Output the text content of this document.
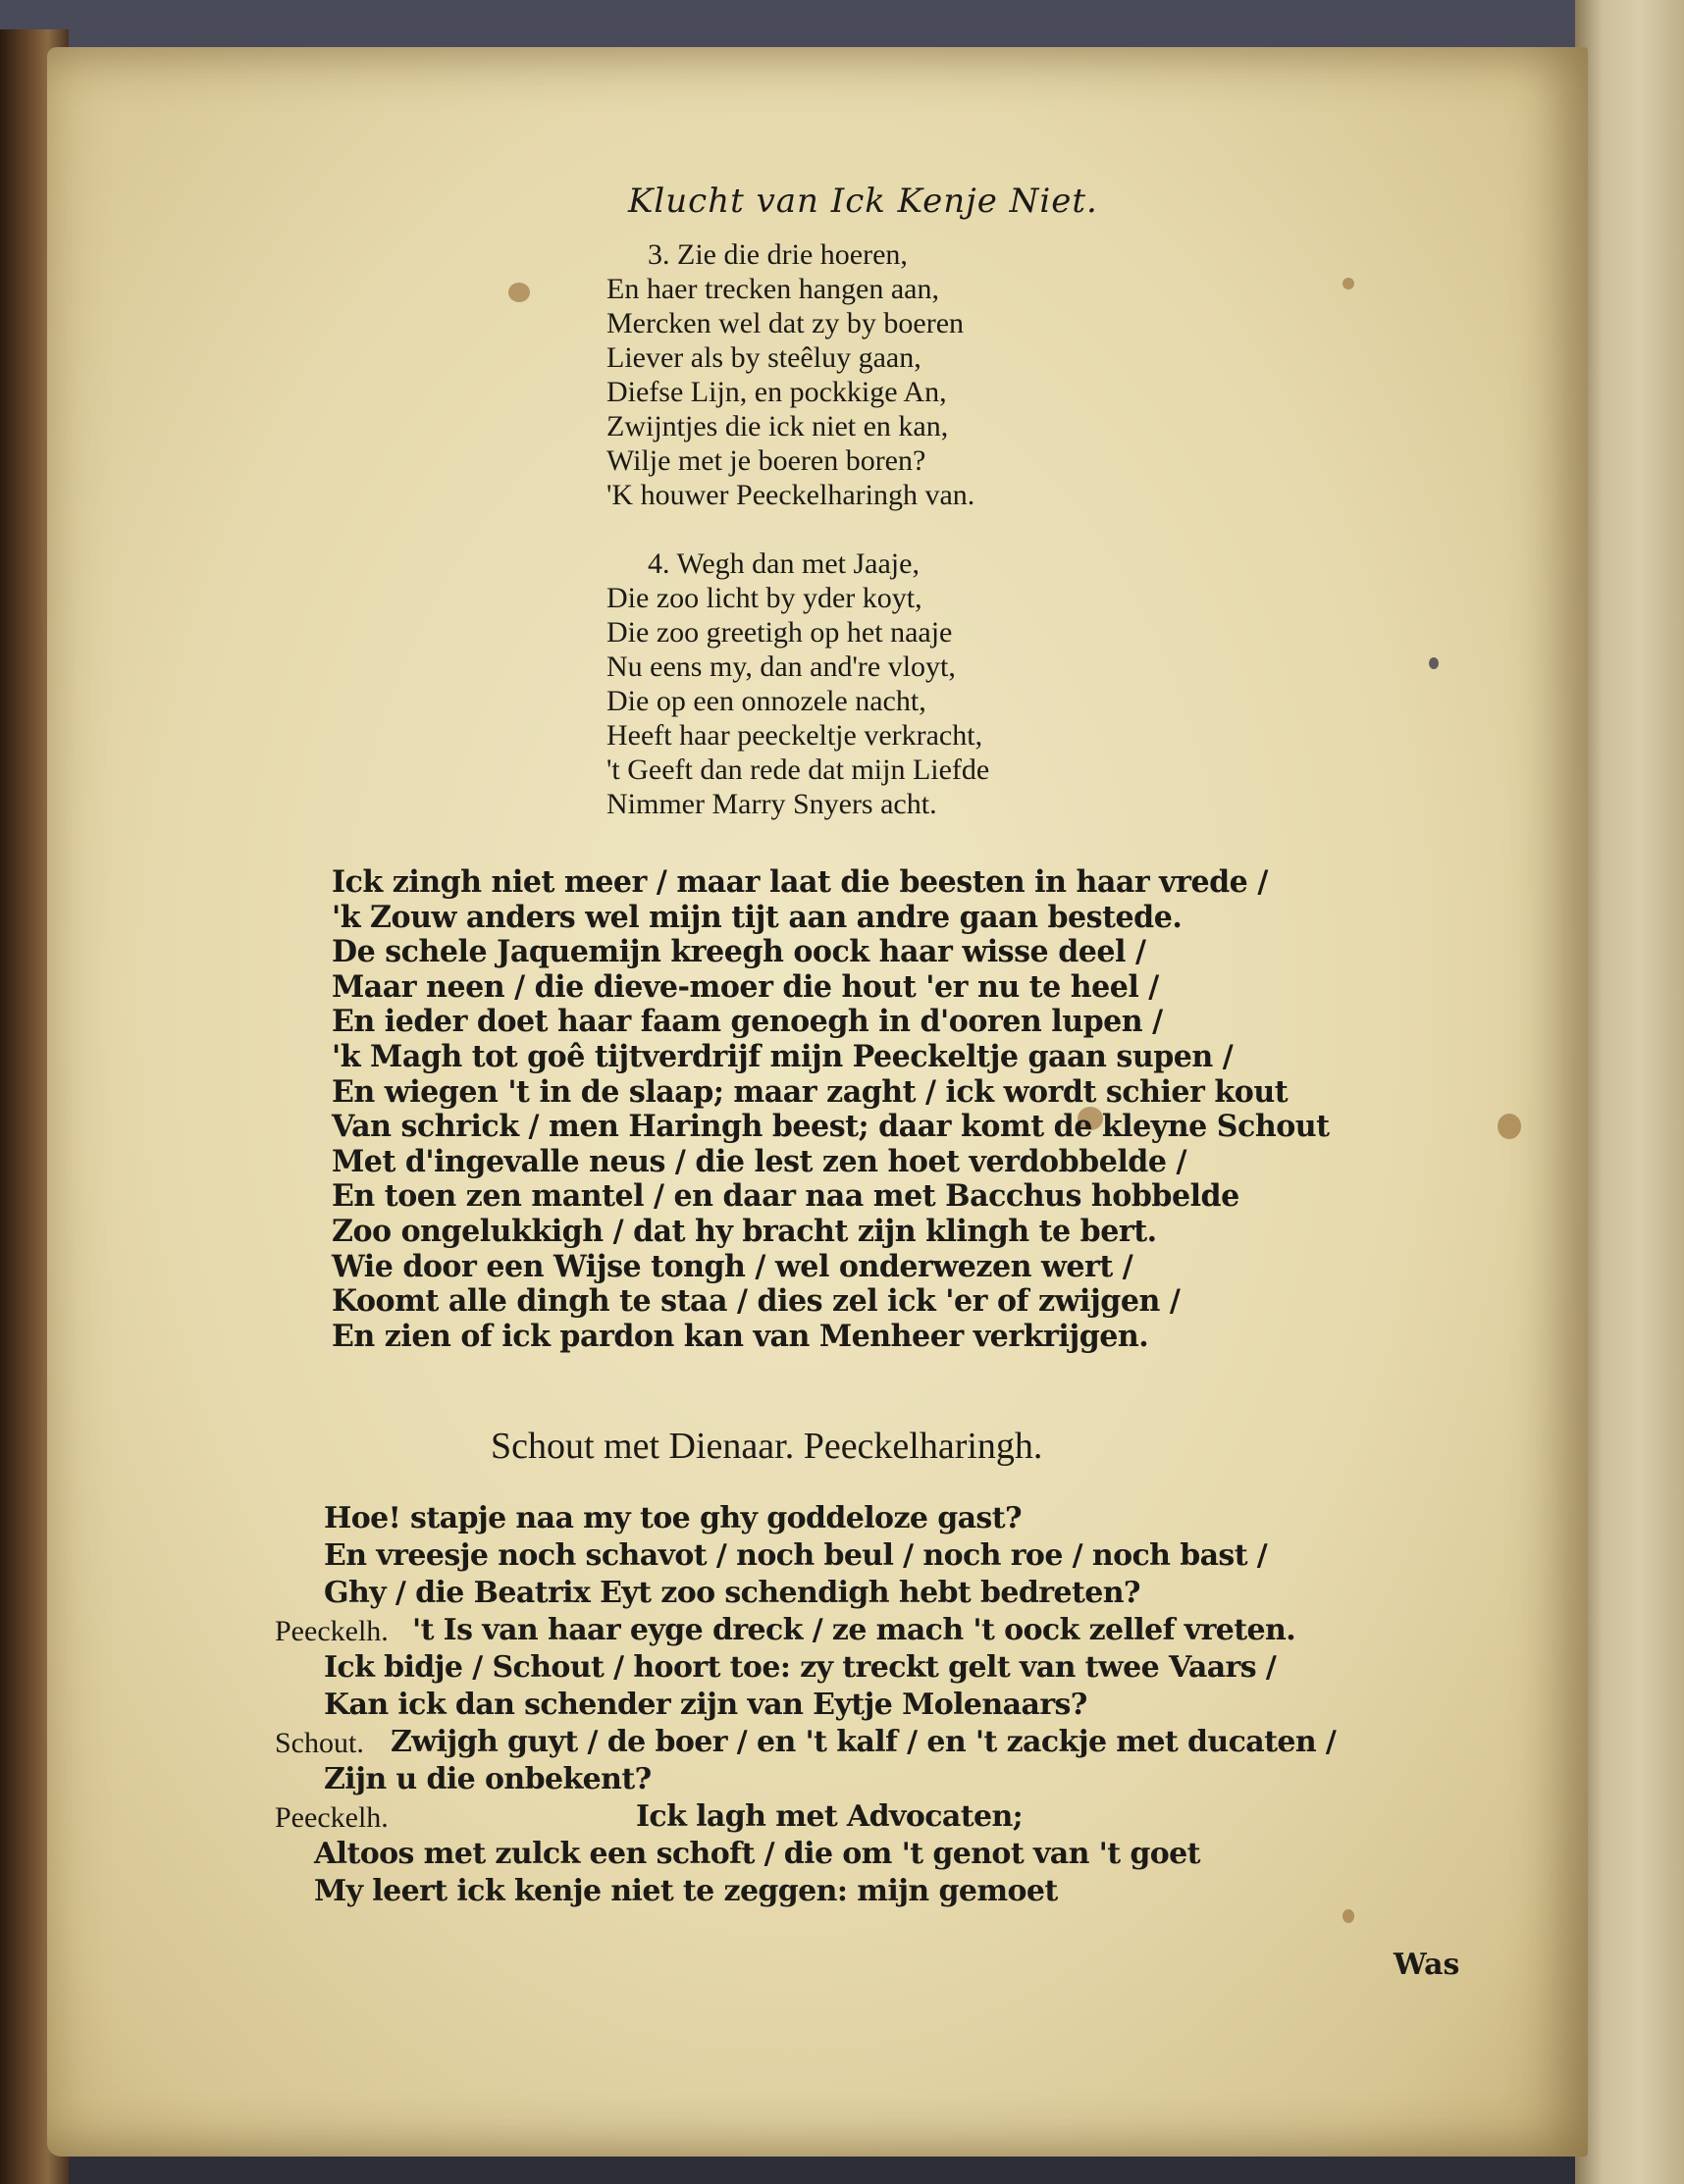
Klucht van Ick Kenje Niet.
3. Zie die drie hoeren,
En haer trecken hangen aan,
Mercken wel dat zy by boeren
Liever als by steêluy gaan,
Diefse Lijn, en pockkige An,
Zwijntjes die ick niet en kan,
Wilje met je boeren boren?
'K houwer Peeckelharingh van.
4. Wegh dan met Jaaje,
Die zoo licht by yder koyt,
Die zoo greetigh op het naaje
Nu eens my, dan and're vloyt,
Die op een onnozele nacht,
Heeft haar peeckeltje verkracht,
't Geeft dan rede dat mijn Liefde
Nimmer Marry Snyers acht.
Ick zingh niet meer / maar laat die beesten in haar vrede /
'k Zouw anders wel mijn tijt aan andre gaan bestede.
De schele Jaquemijn kreegh oock haar wisse deel /
Maar neen / die dieve-moer die hout 'er nu te heel /
En ieder doet haar faam genoegh in d'ooren lupen /
'k Magh tot goê tijtverdrijf mijn Peeckeltje gaan supen /
En wiegen 't in de slaap; maar zaght / ick wordt schier kout
Van schrick / men Haringh beest; daar komt de kleyne Schout
Met d'ingevalle neus / die lest zen hoet verdobbelde /
En toen zen mantel / en daar naa met Bacchus hobbelde
Zoo ongelukkigh / dat hy bracht zijn klingh te bert.
Wie door een Wijse tongh / wel onderwezen wert /
Koomt alle dingh te staa / dies zel ick 'er of zwijgen /
En zien of ick pardon kan van Menheer verkrijgen.
Schout met Dienaar. Peeckelharingh.
Hoe! stapje naa my toe ghy goddeloze gast?
En vreesje noch schavot / noch beul / noch roe / noch bast /
Ghy / die Beatrix Eyt zoo schendigh hebt bedreten?
Peeckelh. 't Is van haar eyge dreck / ze mach 't oock zellef vreten.
Ick bidje / Schout / hoort toe: zy treckt gelt van twee Vaars /
Kan ick dan schender zijn van Eytje Molenaars?
Schout. Zwijgh guyt / de boer / en 't kalf / en 't zackje met ducaten /
Zijn u die onbekent?
Peeckelh.	Ick lagh met Advocaten;
Altoos met zulck een schoft / die om 't genot van 't goet
My leert ick kenje niet te zeggen: mijn gemoet
Was
